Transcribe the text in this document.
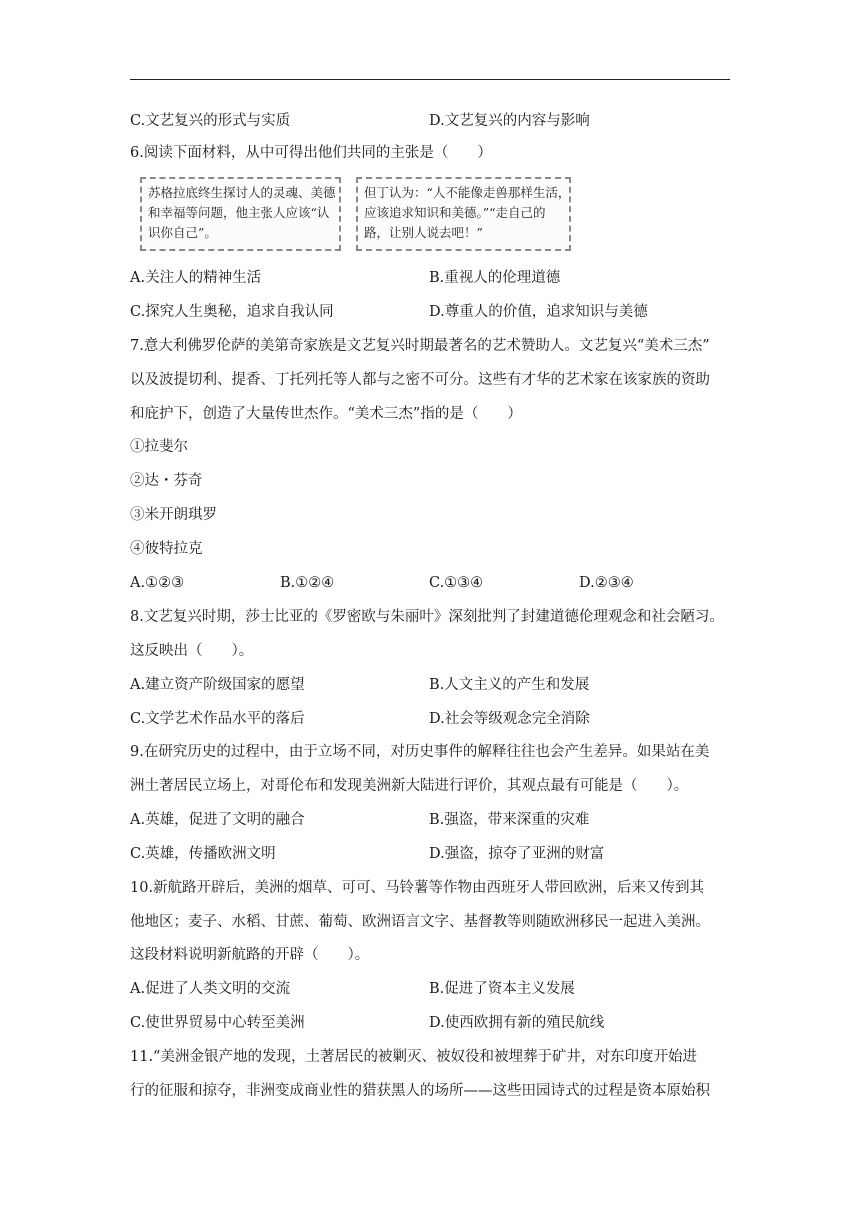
C.文艺复兴的形式与实质	D.文艺复兴的内容与影响
6.阅读下面材料，从中可得出他们共同的主张是（　　）
苏格拉底终生探讨人的灵魂、美德
和幸福等问题，他主张人应该“认
识你自己”。
但丁认为：“人不能像走兽那样生活，
应该追求知识和美德。”“走自己的
路，让别人说去吧！”
A.关注人的精神生活	B.重视人的伦理道德
C.探究人生奥秘，追求自我认同	D.尊重人的价值，追求知识与美德
7.意大利佛罗伦萨的美第奇家族是文艺复兴时期最著名的艺术赞助人。文艺复兴“美术三杰”
以及波提切利、提香、丁托列托等人都与之密不可分。这些有才华的艺术家在该家族的资助
和庇护下，创造了大量传世杰作。“美术三杰”指的是（　　）
①拉斐尔
②达・芬奇
③米开朗琪罗
④彼特拉克
A.①②③	B.①②④	C.①③④	D.②③④
8.文艺复兴时期，莎士比亚的《罗密欧与朱丽叶》深刻批判了封建道德伦理观念和社会陋习。
这反映出（　　）。
A.建立资产阶级国家的愿望	B.人文主义的产生和发展
C.文学艺术作品水平的落后	D.社会等级观念完全消除
9.在研究历史的过程中，由于立场不同，对历史事件的解释往往也会产生差异。如果站在美
洲土著居民立场上，对哥伦布和发现美洲新大陆进行评价，其观点最有可能是（　　）。
A.英雄，促进了文明的融合	B.强盗，带来深重的灾难
C.英雄，传播欧洲文明	D.强盗，掠夺了亚洲的财富
10.新航路开辟后，美洲的烟草、可可、马铃薯等作物由西班牙人带回欧洲，后来又传到其
他地区；麦子、水稻、甘蔗、葡萄、欧洲语言文字、基督教等则随欧洲移民一起进入美洲。
这段材料说明新航路的开辟（　　）。
A.促进了人类文明的交流	B.促进了资本主义发展
C.使世界贸易中心转至美洲	D.使西欧拥有新的殖民航线
11.“美洲金银产地的发现，土著居民的被剿灭、被奴役和被埋葬于矿井，对东印度开始进
行的征服和掠夺，非洲变成商业性的猎获黑人的场所——这些田园诗式的过程是资本原始积
